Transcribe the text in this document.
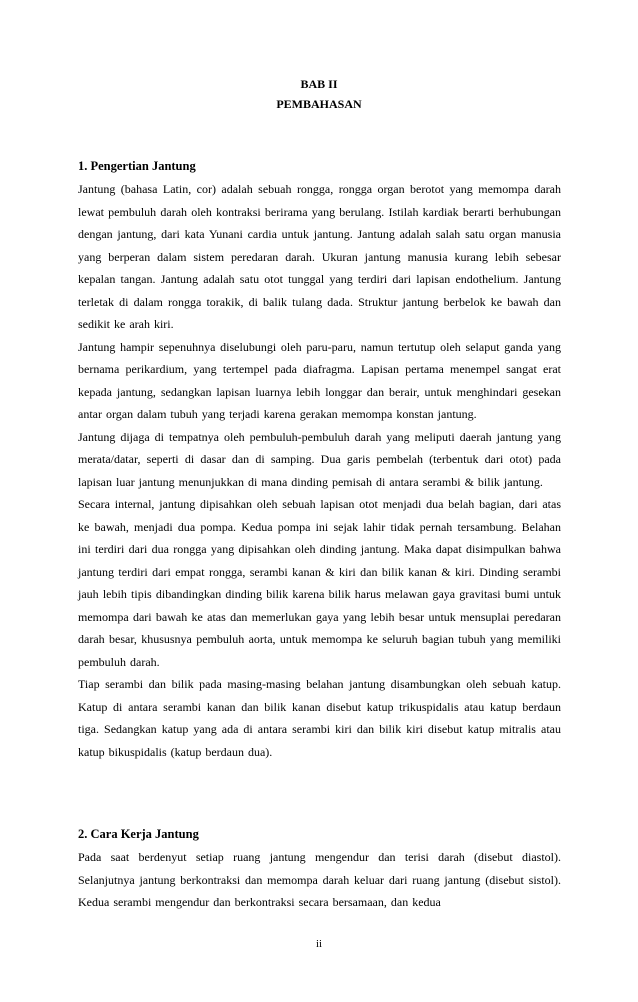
BAB II
PEMBAHASAN
1. Pengertian Jantung

Jantung (bahasa Latin, cor) adalah sebuah rongga, rongga organ berotot yang memompa darah lewat pembuluh darah oleh kontraksi berirama yang berulang. Istilah kardiak berarti berhubungan dengan jantung, dari kata Yunani cardia untuk jantung. Jantung adalah salah satu organ manusia yang berperan dalam sistem peredaran darah. Ukuran jantung manusia kurang lebih sebesar kepalan tangan. Jantung adalah satu otot tunggal yang terdiri dari lapisan endothelium. Jantung terletak di dalam rongga torakik, di balik tulang dada. Struktur jantung berbelok ke bawah dan sedikit ke arah kiri.

Jantung hampir sepenuhnya diselubungi oleh paru-paru, namun tertutup oleh selaput ganda yang bernama perikardium, yang tertempel pada diafragma. Lapisan pertama menempel sangat erat kepada jantung, sedangkan lapisan luarnya lebih longgar dan berair, untuk menghindari gesekan antar organ dalam tubuh yang terjadi karena gerakan memompa konstan jantung.

Jantung dijaga di tempatnya oleh pembuluh-pembuluh darah yang meliputi daerah jantung yang merata/datar, seperti di dasar dan di samping. Dua garis pembelah (terbentuk dari otot) pada lapisan luar jantung menunjukkan di mana dinding pemisah di antara serambi & bilik jantung.

Secara internal, jantung dipisahkan oleh sebuah lapisan otot menjadi dua belah bagian, dari atas ke bawah, menjadi dua pompa. Kedua pompa ini sejak lahir tidak pernah tersambung. Belahan ini terdiri dari dua rongga yang dipisahkan oleh dinding jantung. Maka dapat disimpulkan bahwa jantung terdiri dari empat rongga, serambi kanan & kiri dan bilik kanan & kiri. Dinding serambi jauh lebih tipis dibandingkan dinding bilik karena bilik harus melawan gaya gravitasi bumi untuk memompa dari bawah ke atas dan memerlukan gaya yang lebih besar untuk mensuplai peredaran darah besar, khususnya pembuluh aorta, untuk memompa ke seluruh bagian tubuh yang memiliki pembuluh darah.

Tiap serambi dan bilik pada masing-masing belahan jantung disambungkan oleh sebuah katup. Katup di antara serambi kanan dan bilik kanan disebut katup trikuspidalis atau katup berdaun tiga. Sedangkan katup yang ada di antara serambi kiri dan bilik kiri disebut katup mitralis atau katup bikuspidalis (katup berdaun dua).

2. Cara Kerja Jantung

Pada saat berdenyut setiap ruang jantung mengendur dan terisi darah (disebut diastol). Selanjutnya jantung berkontraksi dan memompa darah keluar dari ruang jantung (disebut sistol). Kedua serambi mengendur dan berkontraksi secara bersamaan, dan kedua

ii
